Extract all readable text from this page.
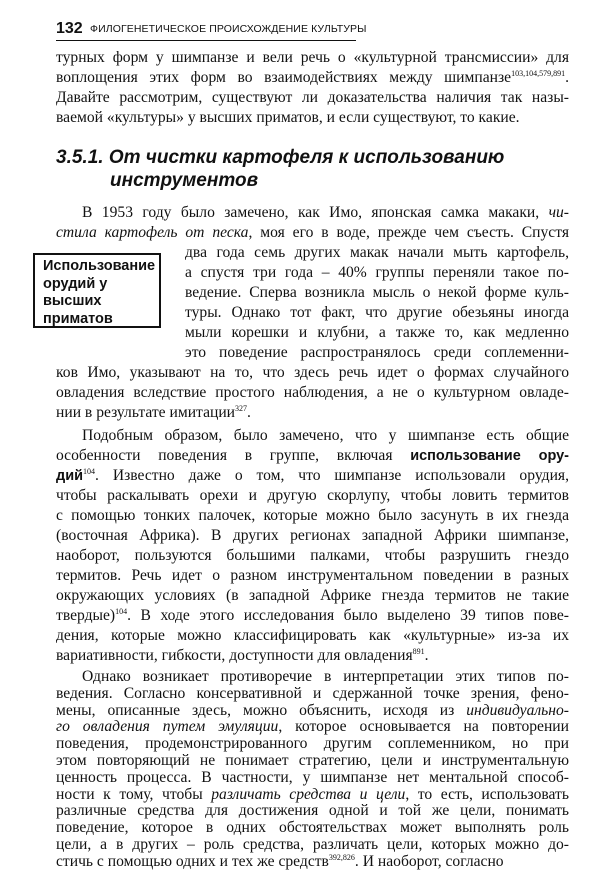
132 ФИЛОГЕНЕТИЧЕСКОЕ ПРОИСХОЖДЕНИЕ КУЛЬТУРЫ
турных форм у шимпанзе и вели речь о «культурной трансмиссии» для
воплощения этих форм во взаимодействиях между шимпанзе$^{103,104,579,891}$.
Давайте рассмотрим, существуют ли доказательства наличия так назы-
ваемой «культуры» у высших приматов, и если существуют, то какие.
3.5.1. От чистки картофеля к использованию
инструментов
Использование
орудий у
высших
приматов
В 1953 году было замечено, как Имо, японская самка макаки, чи-
стила картофель от песка, моя его в воде, прежде чем съесть. Спустя
два года семь других макак начали мыть картофель,
а спустя три года – 40% группы переняли такое по-
ведение. Сперва возникла мысль о некой форме куль-
туры. Однако тот факт, что другие обезьяны иногда
мыли корешки и клубни, а также то, как медленно
это поведение распространялось среди соплеменни-
ков Имо, указывают на то, что здесь речь идет о формах случайного
овладения вследствие простого наблюдения, а не о культурном овладе-
нии в результате имитации$^{327}$.
Подобным образом, было замечено, что у шимпанзе есть общие
особенности поведения в группе, включая использование ору-
дий$^{104}$. Известно даже о том, что шимпанзе использовали орудия,
чтобы раскалывать орехи и другую скорлупу, чтобы ловить термитов
с помощью тонких палочек, которые можно было засунуть в их гнезда
(восточная Африка). В других регионах западной Африки шимпанзе,
наоборот, пользуются большими палками, чтобы разрушить гнездо
термитов. Речь идет о разном инструментальном поведении в разных
окружающих условиях (в западной Африке гнезда термитов не такие
твердые)$^{104}$. В ходе этого исследования было выделено 39 типов пове-
дения, которые можно классифицировать как «культурные» из-за их
вариативности, гибкости, доступности для овладения$^{891}$.
Однако возникает противоречие в интерпретации этих типов по-
ведения. Согласно консервативной и сдержанной точке зрения, фено-
мены, описанные здесь, можно объяснить, исходя из индивидуально-
го овладения путем эмуляции, которое основывается на повторении
поведения, продемонстрированного другим соплеменником, но при
этом повторяющий не понимает стратегию, цели и инструментальную
ценность процесса. В частности, у шимпанзе нет ментальной способ-
ности к тому, чтобы различать средства и цели, то есть, использовать
различные средства для достижения одной и той же цели, понимать
поведение, которое в одних обстоятельствах может выполнять роль
цели, а в других – роль средства, различать цели, которых можно до-
стичь с помощью одних и тех же средств$^{392,826}$. И наоборот, согласно
